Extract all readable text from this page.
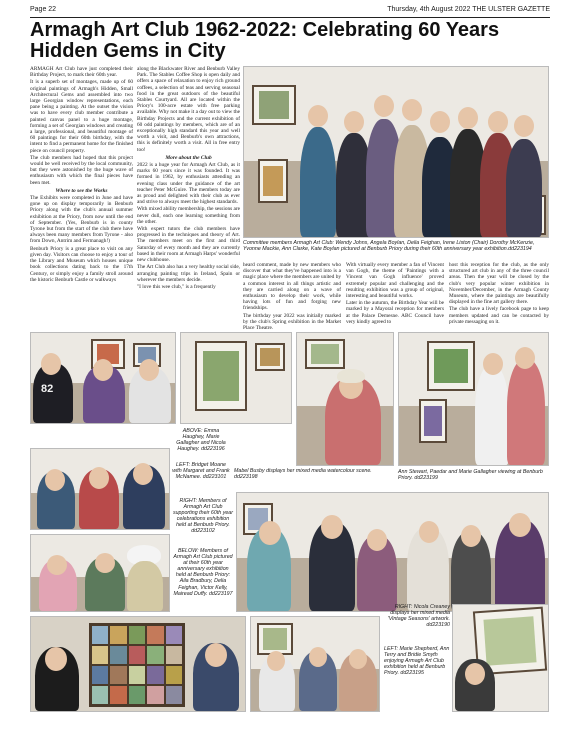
Page 22	Thursday, 4th August 2022 THE ULSTER GAZETTE
Armagh Art Club 1962-2022: Celebrating 60 Years Hidden Gems in City

ARMAGH Art Club have just completed their Birthday Project, to mark their 60th year.

It is a superb set of montages, made up of 60 original paintings of Armagh's Hidden, Small Architectural Gems and assembled into two large Georgian window representations, each pane being a painting. At the outset the vision was to have every club member contribute a painted canvas panel to a huge montage, forming a set of Georgian windows and creating a large, professional, and beautiful montage of 60 paintings for their 60th birthday, with the intent to find a permanent home for the finished piece on council property.

The club members had hoped that this project would be well received by the local community, but they were astonished by the huge wave of enthusiasm with which the final pieces have been met.

Where to see the Works

The Exhibits were completed in June and have gone up on display temporarily in Benburb Priory along with the club's annual summer exhibition at the Priory, from now until the end of September. (Yes, Benburb is in county Tyrone but from the start of the club there have always been many members from Tyrone - also from Down, Antrim and Fermanagh!)

Benburb Priory is a great place to visit on any given day. Visitors can choose to enjoy a tour of the Library and Museum which houses unique book collections dating back to the 17th Century, or simply enjoy a family stroll around the historic Benburb Castle or walkways

along the Blackwater River and Benburb Valley Park. The Stables Coffee Shop is open daily and offers a space of relaxation to enjoy rich ground coffees, a selection of teas and serving seasonal food in the great outdoors of the beautiful Stables Courtyard. All are located within the Priory's 100-acre estate with free parking available. Why not make it a day out to view the Birthday Projects and the current exhibition of 60 odd paintings by members, which are of an exceptionally high standard this year and well worth a visit, and Benburb's own attractions, this is definitely worth a visit. All in free entry too!

More about the Club

2022 is a huge year for Armagh Art Club, as it marks 60 years since it was founded. It was formed in 1962, by enthusiasts attending an evening class under the guidance of the art teacher Peter McGuire. The members today are as proud and delighted with their club as ever and strive to always meet the highest standards.

With mixed ability membership, the sessions are never dull, each one learning something from the other.

With expert tutors the club members have progressed in the techniques and theory of Art. The members meet on the first and third Saturday of every month and they are currently based in their room at Armagh Harps' wonderful new clubhouse.

The Art Club also has a very healthy social side, arranging painting trips in Ireland, Spain or wherever the members decide.

"I love this wee club," is a frequently

Committee members Armagh Art Club: Wendy Johns, Angela Boylan, Delia Feighan, Irene Liston (Chair) Dorothy McKenzie, Yvonne Mackie, Ann Clarke, Kate Boylan pictured at Benburb Priory during their 60th anniversary year exhibition.dd223194

heard comment, made by new members who discover that what they've happened into is a magic place where the members are united by a common interest in all things artistic and they are carried along on a wave of enthusiasm to develop their work, while having lots of fun and forging new friendships.

The birthday year 2022 was initially marked by the club's Spring exhibition in the Market Place Theatre.

With virtually every member a fan of Vincent van Gogh, the theme of 'Paintings with a Vincent van Gogh influence' proved extremely popular and challenging and the resulting exhibition was a group of original, interesting and beautiful works.

Later in the autumn, the Birthday Year will be marked by a Mayoral reception for members at the Palace Demesne. ABC Council have very kindly agreed to

host this reception for the club, as the only structured art club in any of the three council areas. Then the year will be closed by the club's very popular winter exhibition in November/December, in the Armagh County Museum, where the paintings are beautifully displayed in the fine art gallery there.

The club have a lively facebook page to keep members updated and can be contacted by private messaging on it.

82
ABOVE: Emma Haughey, Marie Gallagher and Nicola Haughey. dd223196
LEFT: Bridget Moane with Margaret and Frank McNamee. dd223101
Mabel Busby displays her mixed media watercolour scene. dd223198
Ann Stewart, Paedar and Marie Gallagher viewing at Benburb Priory. dd223199
RIGHT: Members of Armagh Art Club supporting their 60th year celebrations exhibition held at Benburb Priory. dd223102
BELOW: Members of Armagh Art Club pictured at their 60th year anniversary exhibition held at Benburb Priory: Aila Bradbury, Delia Feighan, Victor Kelly, Mairead Duffy. dd223197
LEFT: Marie Shepherd, Ann Terry and Bridie Smyth enjoying Armagh Art Club exhibition held at Benburb Priory. dd223195
RIGHT: Nicola Creaney displays her mixed media 'Vintage Seasons' artwork. dd223190
